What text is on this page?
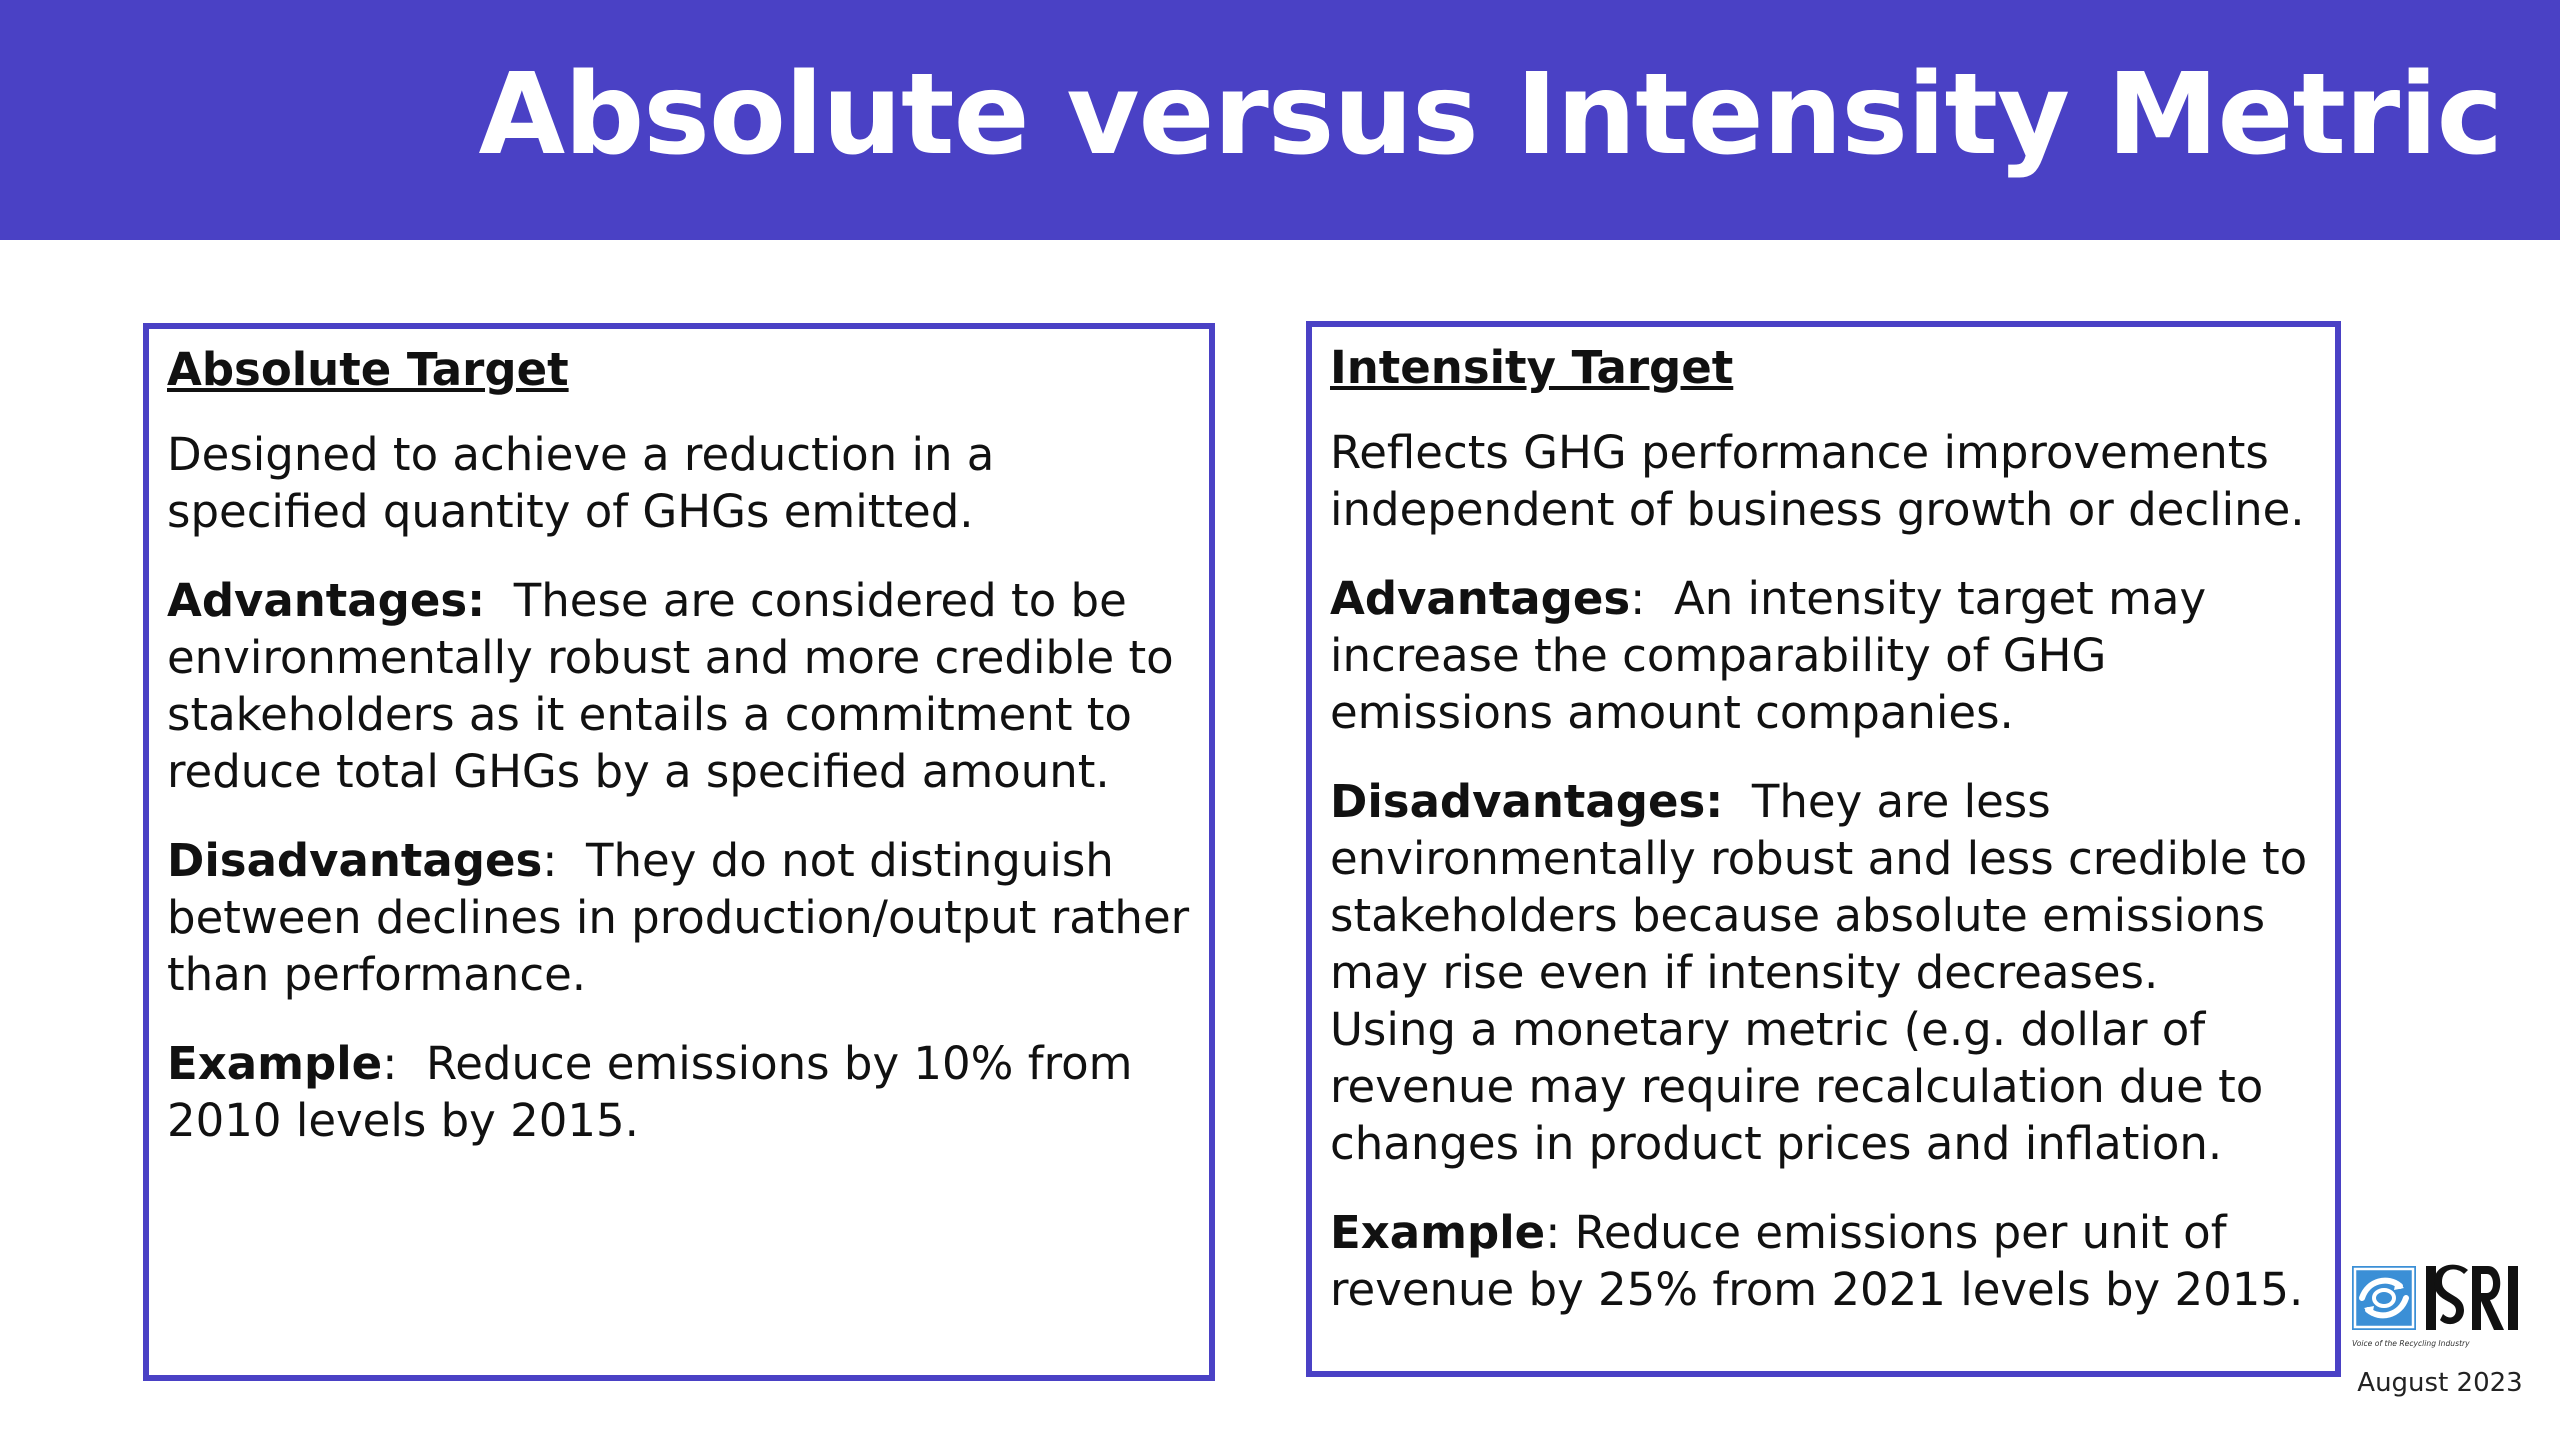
Absolute versus Intensity Metric

Absolute Target

Designed to achieve a reduction in a specified quantity of GHGs emitted.

Advantages:  These are considered to be environmentally robust and more credible to stakeholders as it entails a commitment to reduce total GHGs by a specified amount.

Disadvantages:  They do not distinguish between declines in production/output rather than performance.

Example:  Reduce emissions by 10% from 2010 levels by 2015.

Intensity Target

Reflects GHG performance improvements independent of business growth or decline.

Advantages:  An intensity target may increase the comparability of GHG emissions amount companies.

Disadvantages:  They are less environmentally robust and less credible to stakeholders because absolute emissions may rise even if intensity decreases.   Using a monetary metric (e.g. dollar of revenue may require recalculation due to changes in product prices and inflation.

Example: Reduce emissions per unit of revenue by 25% from 2021 levels by 2015.

Voice of the Recycling Industry
August 2023
